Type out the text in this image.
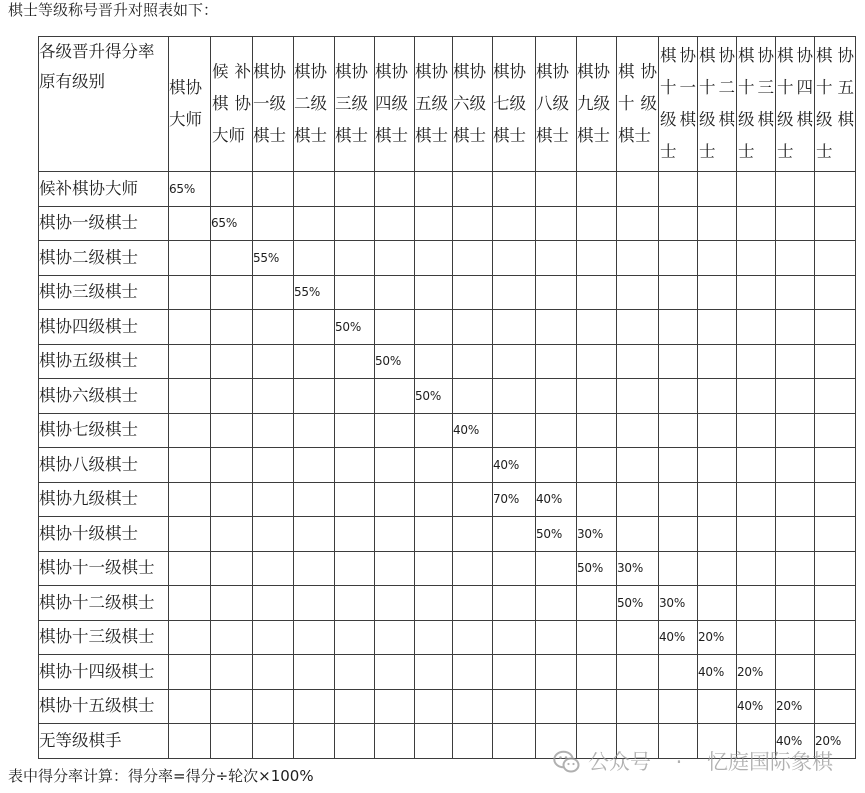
棋士等级称号晋升对照表如下：
各级晋升得分率
原有级别	棋协大师	候补棋协大师	棋协一级棋士	棋协二级棋士	棋协三级棋士	棋协四级棋士	棋协五级棋士	棋协六级棋士	棋协七级棋士	棋协八级棋士	棋协九级棋士	棋协十级棋士	棋协十一级棋士	棋协十二级棋士	棋协十三级棋士	棋协十四级棋士	棋协十五级棋士
候补棋协大师	65%																
棋协一级棋士		65%															
棋协二级棋士			55%														
棋协三级棋士				55%													
棋协四级棋士					50%												
棋协五级棋士						50%											
棋协六级棋士							50%										
棋协七级棋士								40%									
棋协八级棋士									40%								
棋协九级棋士									70%	40%							
棋协十级棋士										50%	30%						
棋协十一级棋士											50%	30%					
棋协十二级棋士												50%	30%				
棋协十三级棋士													40%	20%			
棋协十四级棋士														40%	20%		
棋协十五级棋士															40%	20%	
无等级棋手																40%	20%
表中得分率计算：得分率=得分÷轮次×100%
公众号 · 忆庭国际象棋
